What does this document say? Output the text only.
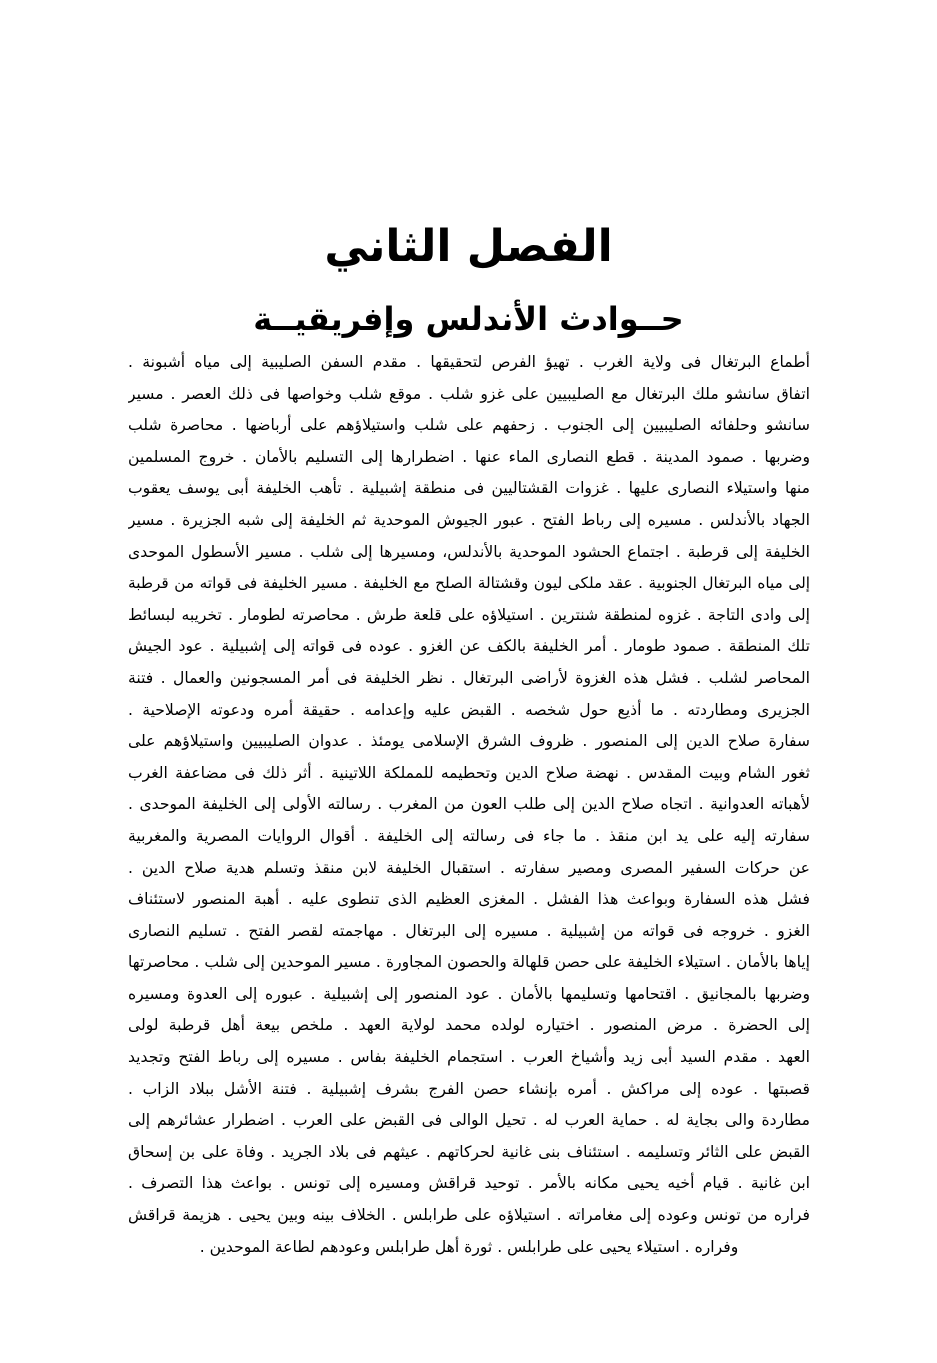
الفصل الثاني
حــوادث الأندلس وإفريقيــة
أطماع البرتغال فى ولاية الغرب . تهيؤ الفرص لتحقيقها . مقدم السفن الصليبية إلى مياه أشبونة .
اتفاق سانشو ملك البرتغال مع الصليبيين على غزو شلب . موقع شلب وخواصها فى ذلك العصر . مسير
سانشو وحلفائه الصليبيين إلى الجنوب . زحفهم على شلب واستيلاؤهم على أرباضها . محاصرة شلب
وضربها . صمود المدينة . قطع النصارى الماء عنها . اضطرارها إلى التسليم بالأمان . خروج المسلمين
منها واستيلاء النصارى عليها . غزوات القشتاليين فى منطقة إشبيلية . تأهب الخليفة أبى يوسف يعقوب
الجهاد بالأندلس . مسيره إلى رباط الفتح . عبور الجيوش الموحدية ثم الخليفة إلى شبه الجزيرة . مسير
الخليفة إلى قرطبة . اجتماع الحشود الموحدية بالأندلس، ومسيرها إلى شلب . مسير الأسطول الموحدى
إلى مياه البرتغال الجنوبية . عقد ملكى ليون وقشتالة الصلح مع الخليفة . مسير الخليفة فى قواته من قرطبة
إلى وادى التاجة . غزوه لمنطقة شنترين . استيلاؤه على قلعة طرش . محاصرته لطومار . تخريبه لبسائط
تلك المنطقة . صمود طومار . أمر الخليفة بالكف عن الغزو . عوده فى قواته إلى إشبيلية . عود الجيش
المحاصر لشلب . فشل هذه الغزوة لأراضى البرتغال . نظر الخليفة فى أمر المسجونين والعمال . فتنة
الجزيرى ومطاردته . ما أذيع حول شخصه . القبض عليه وإعدامه . حقيقة أمره ودعوته الإصلاحية .
سفارة صلاح الدين إلى المنصور . ظروف الشرق الإسلامى يومئذ . عدوان الصليبيين واستيلاؤهم على
ثغور الشام وبيت المقدس . نهضة صلاح الدين وتحطيمه للمملكة اللاتينية . أثر ذلك فى مضاعفة الغرب
لأهباته العدوانية . اتجاه صلاح الدين إلى طلب العون من المغرب . رسالته الأولى إلى الخليفة الموحدى .
سفارته إليه على يد ابن منقذ . ما جاء فى رسالته إلى الخليفة . أقوال الروايات المصرية والمغربية
عن حركات السفير المصرى ومصير سفارته . استقبال الخليفة لابن منقذ وتسلم هدية صلاح الدين .
فشل هذه السفارة وبواعث هذا الفشل . المغزى العظيم الذى تنطوى عليه . أهبة المنصور لاستئناف
الغزو . خروجه فى قواته من إشبيلية . مسيره إلى البرتغال . مهاجمته لقصر الفتح . تسليم النصارى
إياها بالأمان . استيلاء الخليفة على حصن قلهالة والحصون المجاورة . مسير الموحدين إلى شلب . محاصرتها
وضربها بالمجانيق . اقتحامها وتسليمها بالأمان . عود المنصور إلى إشبيلية . عبوره إلى العدوة ومسيره
إلى الحضرة . مرض المنصور . اختياره لولده محمد لولاية العهد . ملخص بيعة أهل قرطبة لولى
العهد . مقدم السيد أبى زيد وأشياخ العرب . استجمام الخليفة بفاس . مسيره إلى رباط الفتح وتجديد
قصبتها . عوده إلى مراكش . أمره بإنشاء حصن الفرج بشرف إشبيلية . فتنة الأشل ببلاد الزاب .
مطاردة والى بجاية له . حماية العرب له . تحيل الوالى فى القبض على العرب . اضطرار عشائرهم إلى
القبض على الثائر وتسليمه . استئناف بنى غانية لحركاتهم . عيثهم فى بلاد الجريد . وفاة على بن إسحاق
ابن غانية . قيام أخيه يحيى مكانه بالأمر . توحيد قراقش ومسيره إلى تونس . بواعث هذا التصرف .
فراره من تونس وعوده إلى مغامراته . استيلاؤه على طرابلس . الخلاف بينه وبين يحيى . هزيمة قراقش
وفراره . استيلاء يحيى على طرابلس . ثورة أهل طرابلس وعودهم لطاعة الموحدين .
